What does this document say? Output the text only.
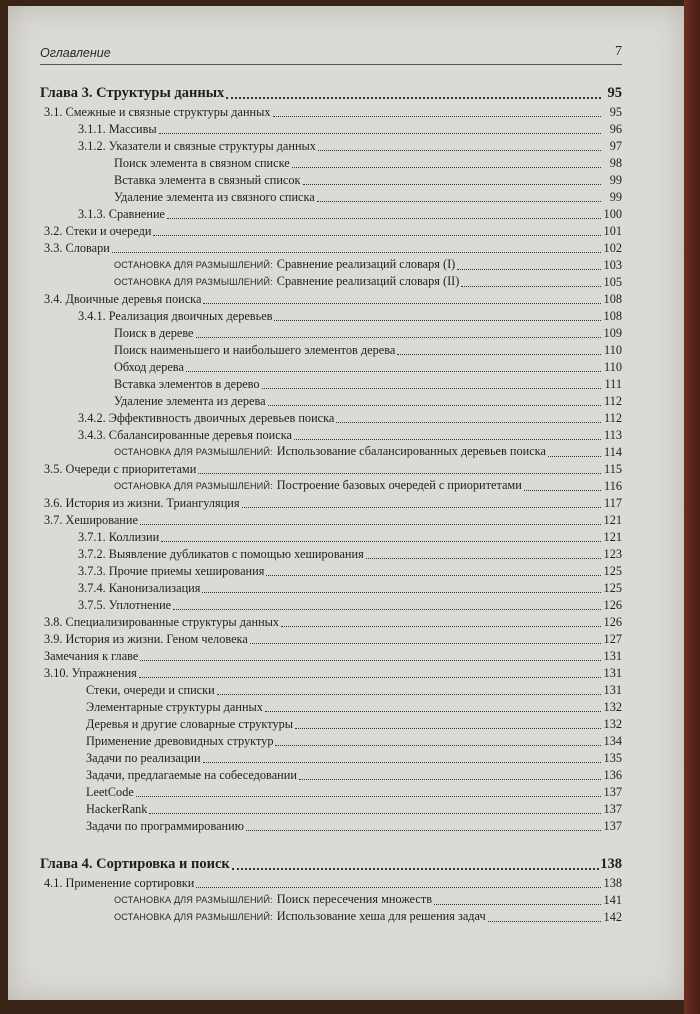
Оглавление	7
Глава 3. Структуры данных	95
3.1. Смежные и связные структуры данных	95
3.1.1. Массивы	96
3.1.2. Указатели и связные структуры данных	97
Поиск элемента в связном списке	98
Вставка элемента в связный список	99
Удаление элемента из связного списка	99
3.1.3. Сравнение	100
3.2. Стеки и очереди	101
3.3. Словари	102
ОСТАНОВКА ДЛЯ РАЗМЫШЛЕНИЙ: Сравнение реализаций словаря (I)	103
ОСТАНОВКА ДЛЯ РАЗМЫШЛЕНИЙ: Сравнение реализаций словаря (II)	105
3.4. Двоичные деревья поиска	108
3.4.1. Реализация двоичных деревьев	108
Поиск в дереве	109
Поиск наименьшего и наибольшего элементов дерева	110
Обход дерева	110
Вставка элементов в дерево	111
Удаление элемента из дерева	112
3.4.2. Эффективность двоичных деревьев поиска	112
3.4.3. Сбалансированные деревья поиска	113
ОСТАНОВКА ДЛЯ РАЗМЫШЛЕНИЙ: Использование сбалансированных деревьев поиска	114
3.5. Очереди с приоритетами	115
ОСТАНОВКА ДЛЯ РАЗМЫШЛЕНИЙ: Построение базовых очередей с приоритетами	116
3.6. История из жизни. Триангуляция	117
3.7. Хеширование	121
3.7.1. Коллизии	121
3.7.2. Выявление дубликатов с помощью хеширования	123
3.7.3. Прочие приемы хеширования	125
3.7.4. Канонизализация	125
3.7.5. Уплотнение	126
3.8. Специализированные структуры данных	126
3.9. История из жизни. Геном человека	127
Замечания к главе	131
3.10. Упражнения	131
Стеки, очереди и списки	131
Элементарные структуры данных	132
Деревья и другие словарные структуры	132
Применение древовидных структур	134
Задачи по реализации	135
Задачи, предлагаемые на собеседовании	136
LeetCode	137
HackerRank	137
Задачи по программированию	137
Глава 4. Сортировка и поиск	138
4.1. Применение сортировки	138
ОСТАНОВКА ДЛЯ РАЗМЫШЛЕНИЙ: Поиск пересечения множеств	141
ОСТАНОВКА ДЛЯ РАЗМЫШЛЕНИЙ: Использование хеша для решения задач	142
